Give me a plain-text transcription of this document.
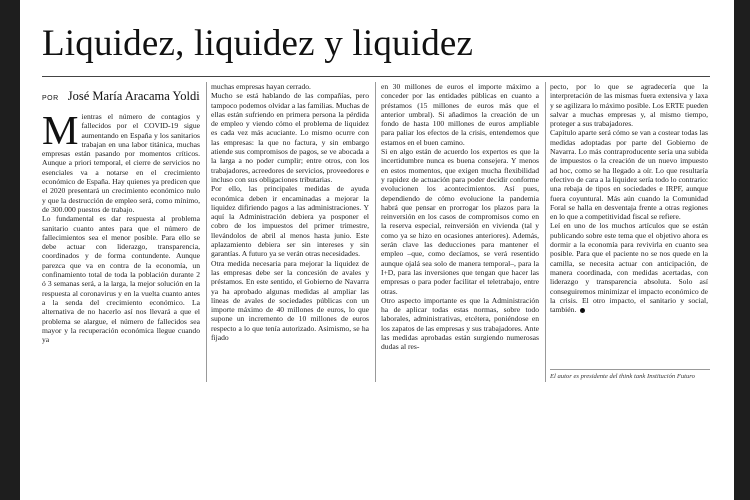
Liquidez, liquidez y liquidez
POR José María Aracama Yoldi

Mientras el número de contagios y fallecidos por el COVID-19 sigue aumentando en España y los sanitarios trabajan en una labor titánica, muchas empresas están pasando por momentos críticos. Aunque a priori temporal, el cierre de servicios no esenciales va a notarse en el crecimiento económico de España. Hay quienes ya predicen que el 2020 presentará un crecimiento económico nulo y que la destrucción de empleo será, como mínimo, de 300.000 puestos de trabajo.

Lo fundamental es dar respuesta al problema sanitario cuanto antes para que el número de fallecimientos sea el menor posible. Para ello se debe actuar con liderazgo, transparencia, coordinados y de forma contundente. Aunque parezca que va en contra de la economía, un confinamiento total de toda la población durante 2 ó 3 semanas será, a la larga, la mejor solución en la respuesta al coronavirus y en la vuelta cuanto antes a la senda del crecimiento económico. La alternativa de no hacerlo así nos llevará a que el problema se alargue, el número de fallecidos sea mayor y la recuperación económica llegue cuando ya

muchas empresas hayan cerrado.

Mucho se está hablando de las compañías, pero tampoco podemos olvidar a las familias. Muchas de ellas están sufriendo en primera persona la pérdida de empleo y viendo cómo el problema de liquidez es cada vez más acuciante. Lo mismo ocurre con las empresas: la que no factura, y sin embargo atiende sus compromisos de pagos, se ve abocada a la larga a no poder cumplir; entre otros, con los trabajadores, acreedores de servicios, proveedores e incluso con sus obligaciones tributarias.

Por ello, las principales medidas de ayuda económica deben ir encaminadas a mejorar la liquidez difiriendo pagos a las administraciones. Y aquí la Administración debiera ya posponer el cobro de los impuestos del primer trimestre, llevándolos de abril al menos hasta junio. Este aplazamiento debiera ser sin intereses y sin garantías. A futuro ya se verán otras necesidades.

Otra medida necesaria para mejorar la liquidez de las empresas debe ser la concesión de avales y préstamos. En este sentido, el Gobierno de Navarra ya ha aprobado algunas medidas al ampliar las líneas de avales de sociedades públicas con un importe máximo de 40 millones de euros, lo que supone un incremento de 10 millones de euros respecto a lo que tenía autorizado. Asimismo, se ha fijado

en 30 millones de euros el importe máximo a conceder por las entidades públicas en cuanto a préstamos (15 millones de euros más que el anterior umbral). Si añadimos la creación de un fondo de hasta 100 millones de euros ampliable para paliar los efectos de la crisis, entendemos que estamos en el buen camino.

Si en algo están de acuerdo los expertos es que la incertidumbre nunca es buena consejera. Y menos en estos momentos, que exigen mucha flexibilidad y rapidez de actuación para poder decidir conforme evolucionen los acontecimientos. Así pues, dependiendo de cómo evolucione la pandemia habrá que pensar en prorrogar los plazos para la reinversión en los casos de compromisos como en la reserva especial, reinversión en vivienda (tal y como ya se hizo en ocasiones anteriores). Además, serán clave las deducciones para mantener el empleo –que, como decíamos, se verá resentido aunque ojalá sea solo de manera temporal–, para la I+D, para las inversiones que tengan que hacer las empresas o para poder facilitar el teletrabajo, entre otras.

Otro aspecto importante es que la Administración ha de aplicar todas estas normas, sobre todo laborales, administrativas, etcétera, poniéndose en los zapatos de las empresas y sus trabajadores. Ante las medidas aprobadas están surgiendo numerosas dudas al res-

pecto, por lo que se agradecería que la interpretación de las mismas fuera extensiva y laxa y se agilizara lo máximo posible. Los ERTE pueden salvar a muchas empresas y, al mismo tiempo, proteger a sus trabajadores.

Capítulo aparte será cómo se van a costear todas las medidas adoptadas por parte del Gobierno de Navarra. Lo más contraproducente sería una subida de impuestos o la creación de un nuevo impuesto ad hoc, como se ha llegado a oír. Lo que resultaría efectivo de cara a la liquidez sería todo lo contrario: una rebaja de tipos en sociedades e IRPF, aunque fuera coyuntural. Más aún cuando la Comunidad Foral se halla en desventaja frente a otras regiones en lo que a competitividad fiscal se refiere.

Leí en uno de los muchos artículos que se están publicando sobre este tema que el objetivo ahora es dormir a la economía para revivirla en cuanto sea posible. Para que el paciente no se nos quede en la camilla, se necesita actuar con anticipación, de manera coordinada, con medidas acertadas, con liderazgo y transparencia absoluta. Solo así conseguiremos minimizar el impacto económico de la crisis. El otro impacto, el sanitario y social, también.

El autor es presidente del think tank Institución Futuro
